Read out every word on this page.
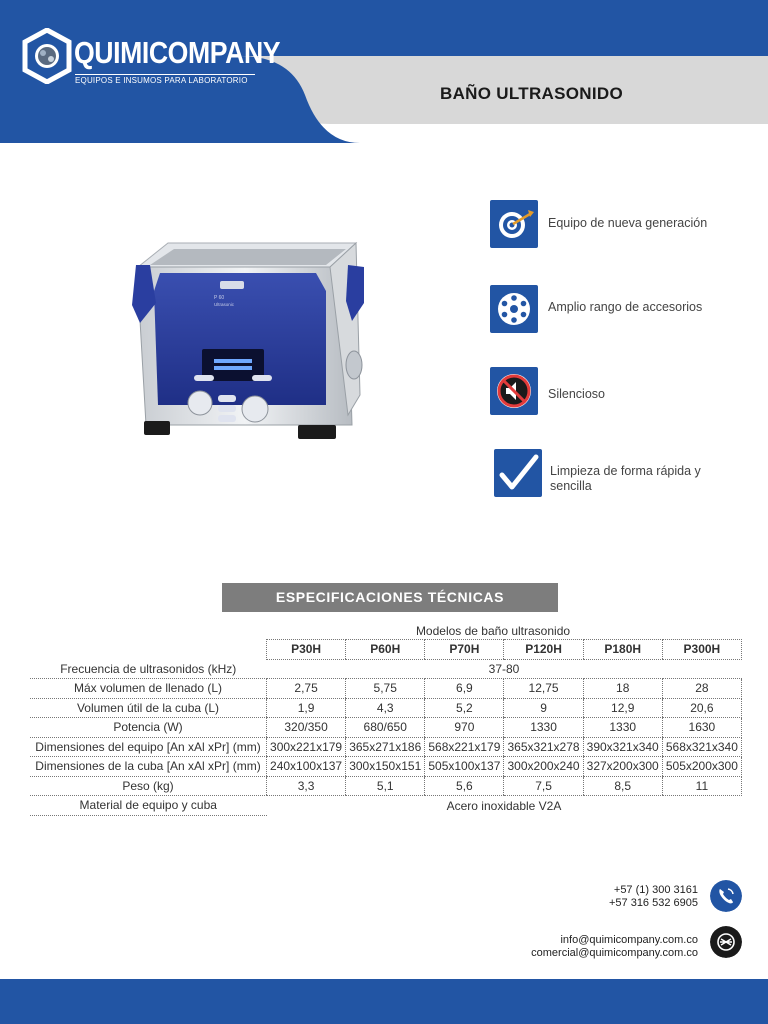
QUIMICOMPANY
EQUIPOS E INSUMOS PARA LABORATORIO
BAÑO ULTRASONIDO
P 60
Ultrasonic
Equipo de nueva generación
Amplio rango de accesorios
Silencioso
Limpieza de forma rápida y sencilla
ESPECIFICACIONES TÉCNICAS
Modelos de baño ultrasonido
	P30H	P60H	P70H	P120H	P180H	P300H
Frecuencia de ultrasonidos (kHz)	37-80					
Máx volumen de llenado (L)	2,75	5,75	6,9	12,75	18	28
Volumen útil de la cuba (L)	1,9	4,3	5,2	9	12,9	20,6
Potencia (W)	320/350	680/650	970	1330	1330	1630
Dimensiones del equipo [An xAl xPr] (mm)	300x221x179	365x271x186	568x221x179	365x321x278	390x321x340	568x321x340
Dimensiones de la cuba [An xAl xPr] (mm)	240x100x137	300x150x151	505x100x137	300x200x240	327x200x300	505x200x300
Peso (kg)	3,3	5,1	5,6	7,5	8,5	11
Material de equipo y cuba	Acero inoxidable V2A					
+57 (1) 300 3161
+57 316 532 6905
info@quimicompany.com.co
comercial@quimicompany.com.co
